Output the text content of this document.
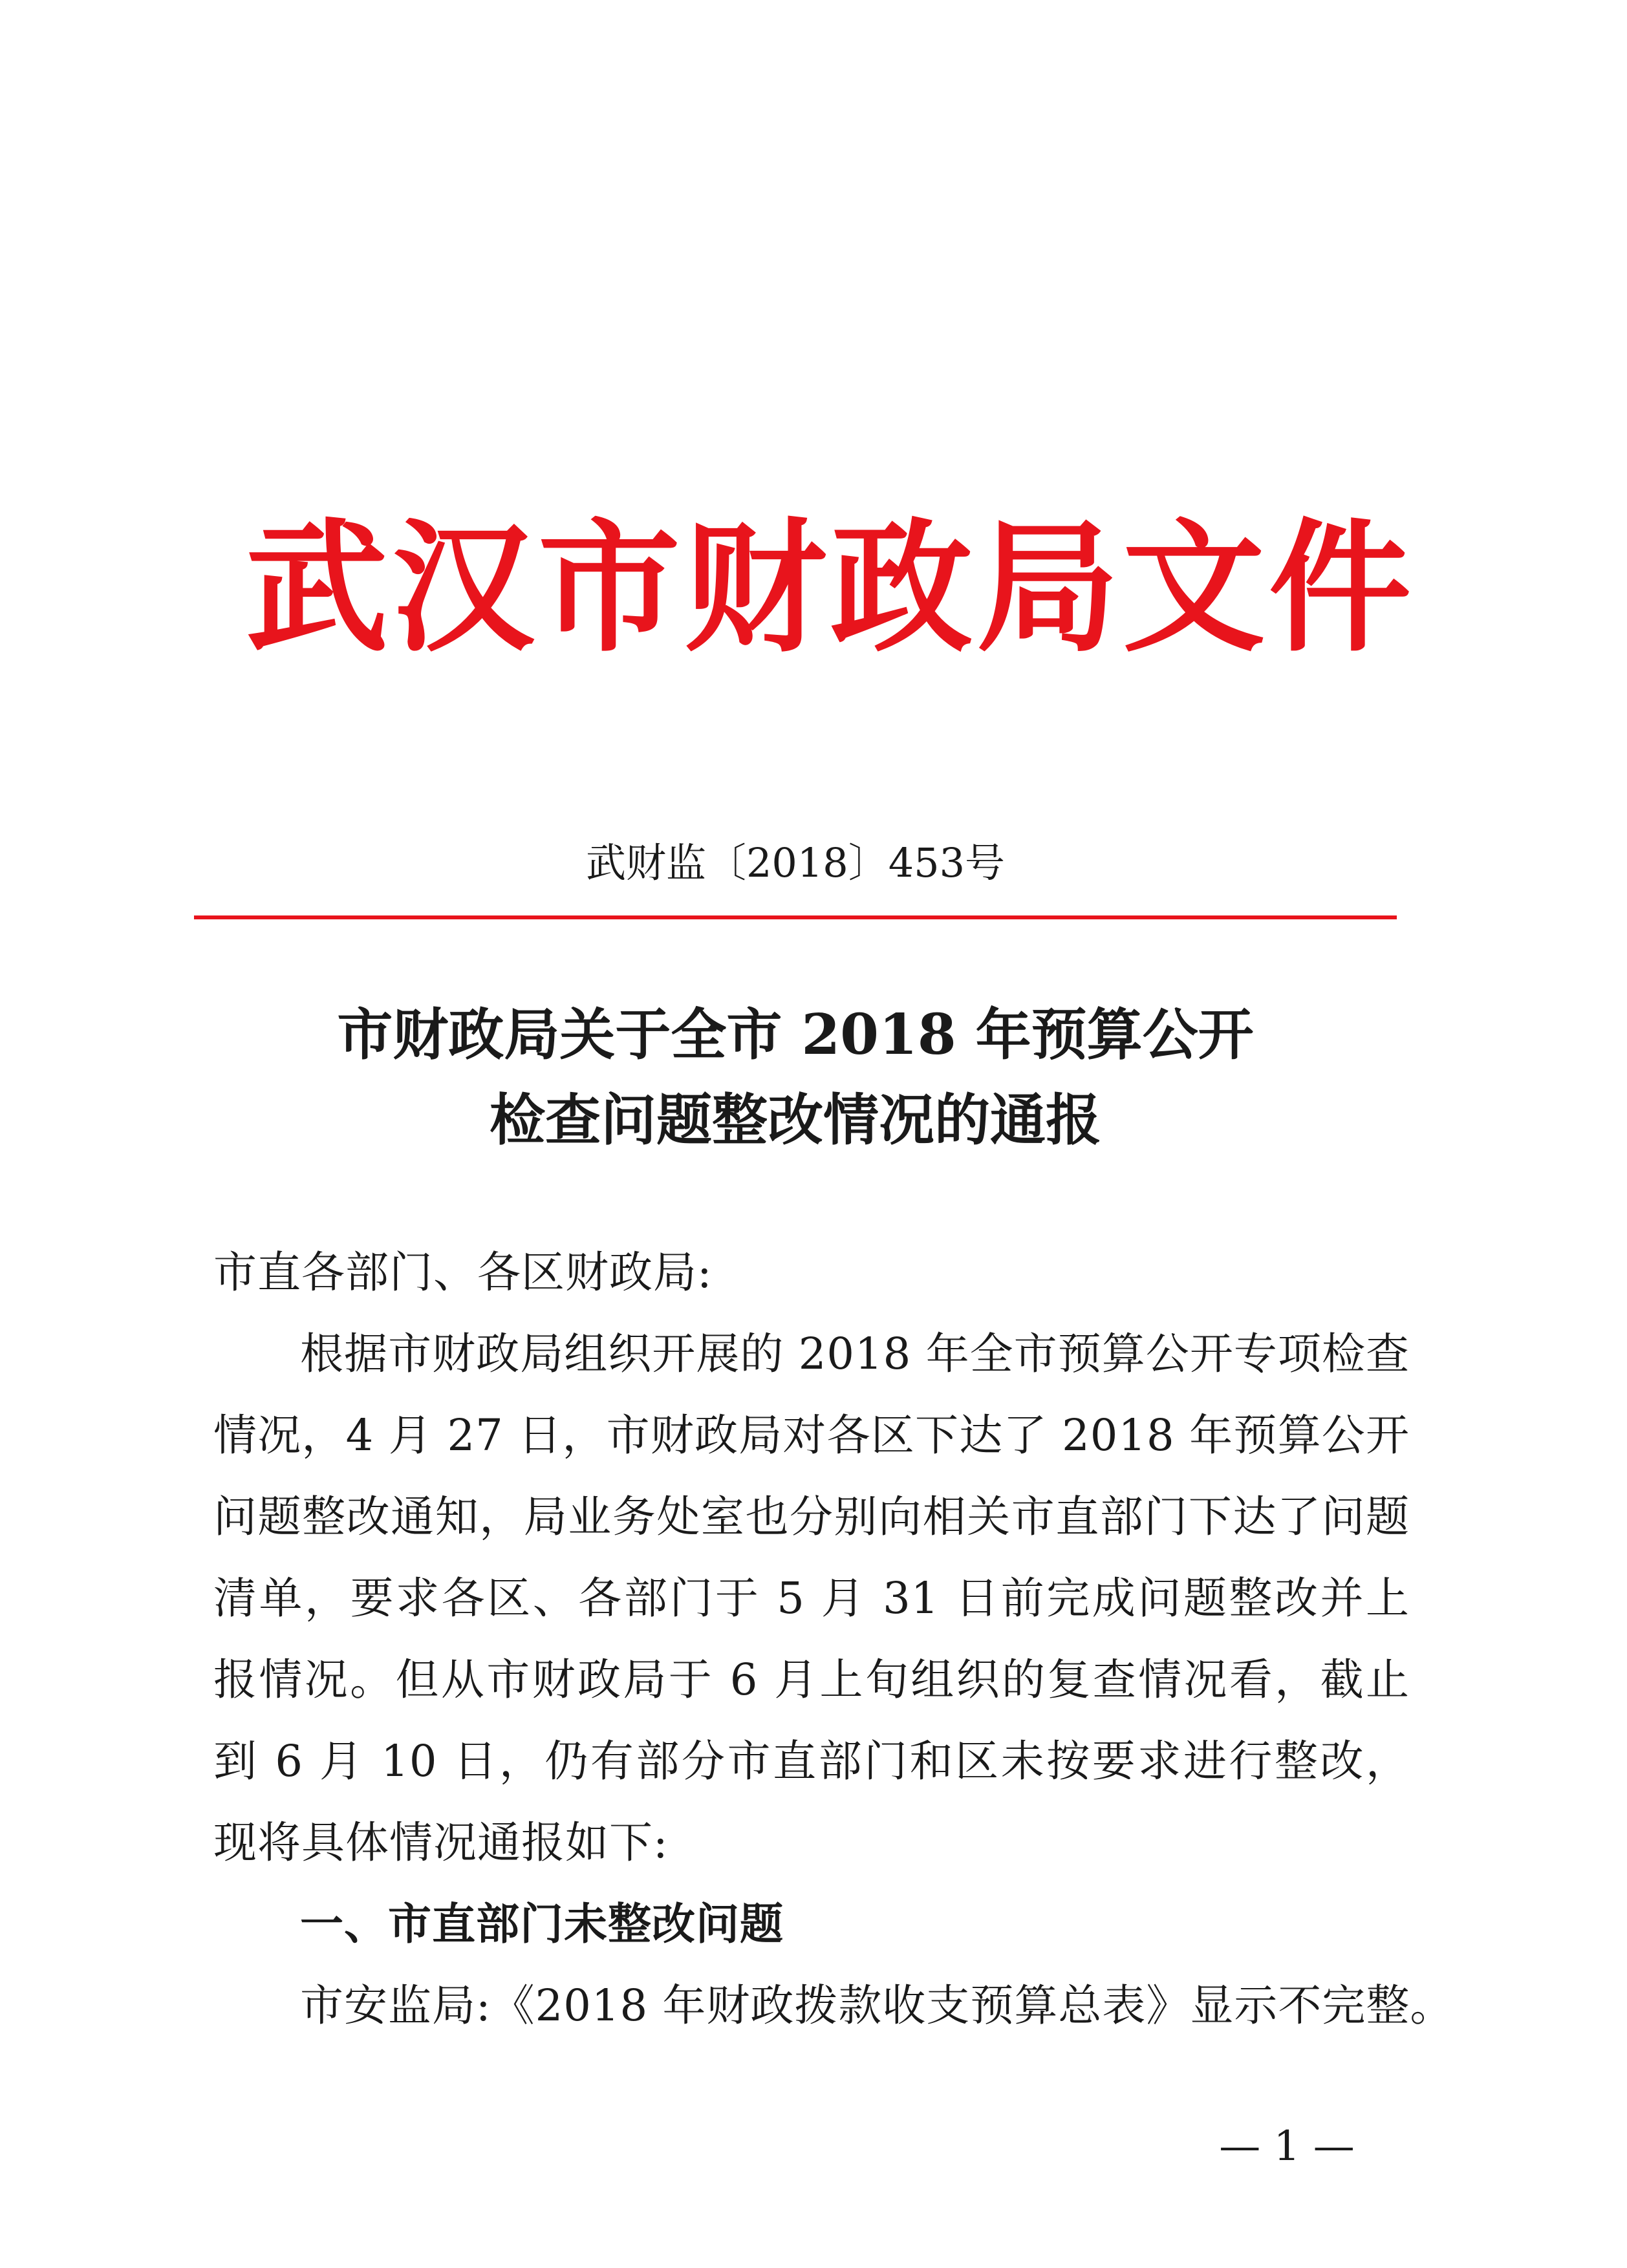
武汉市财政局文件
武财监〔2018〕453号
市财政局关于全市 2018 年预算公开
检查问题整改情况的通报

市直各部门、各区财政局:

根据市财政局组织开展的 2018 年全市预算公开专项检查情况，4 月 27 日，市财政局对各区下达了 2018 年预算公开问题整改通知，局业务处室也分别向相关市直部门下达了问题清单，要求各区、各部门于 5 月 31 日前完成问题整改并上报情况。但从市财政局于 6 月上旬组织的复查情况看，截止到 6 月 10 日，仍有部分市直部门和区未按要求进行整改，现将具体情况通报如下:

一、市直部门未整改问题

市安监局:《2018 年财政拨款收支预算总表》显示不完整。

— 1 —
